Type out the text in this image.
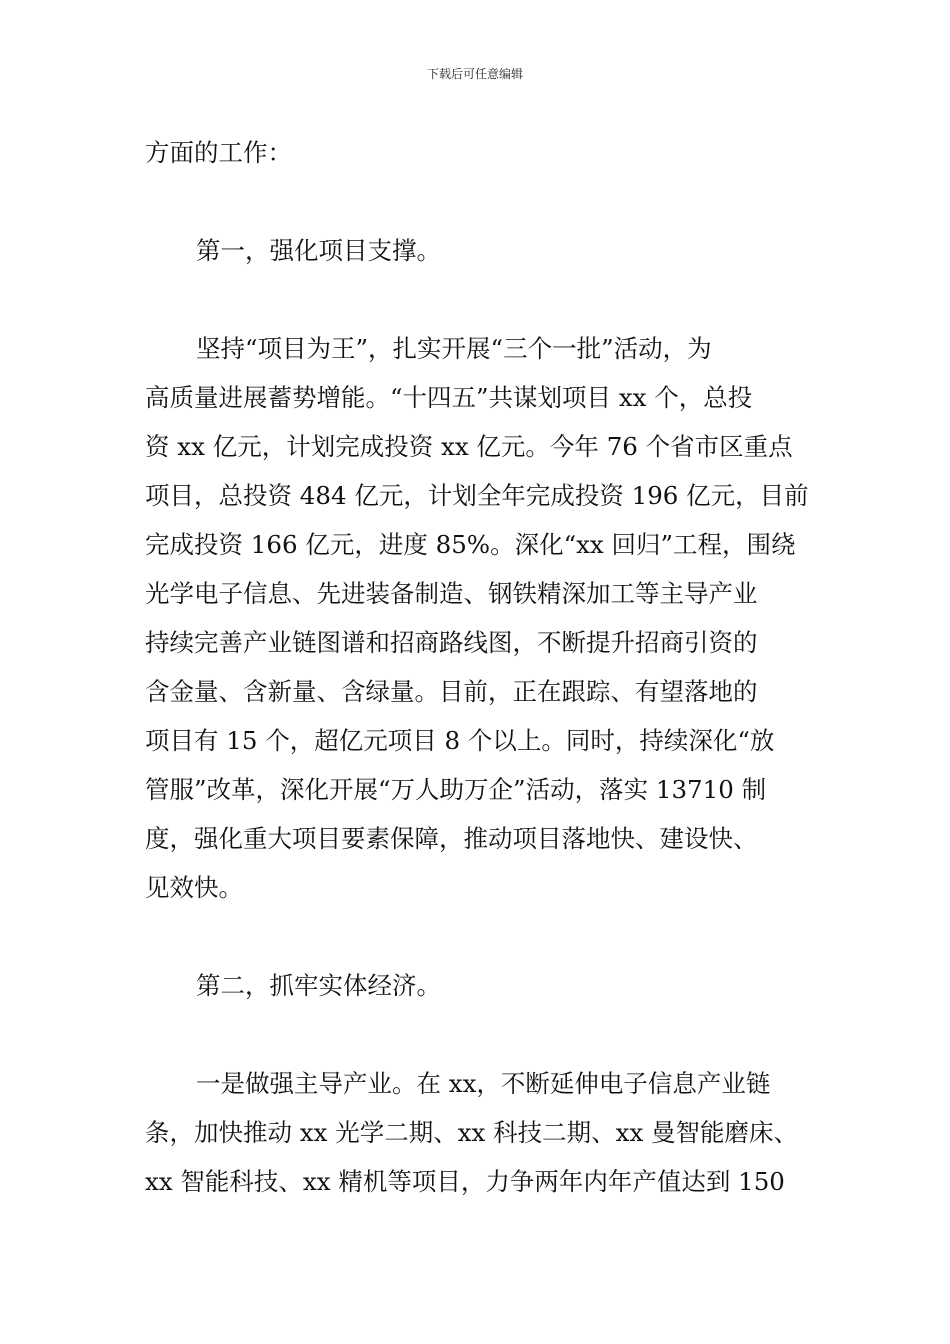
下载后可任意编辑

方面的工作：

第一，强化项目支撑。

坚持“项目为王”，扎实开展“三个一批”活动，为
高质量进展蓄势增能。“十四五”共谋划项目 xx 个，总投
资 xx 亿元，计划完成投资 xx 亿元。今年 76 个省市区重点
项目，总投资 484 亿元，计划全年完成投资 196 亿元，目前
完成投资 166 亿元，进度 85%。深化“xx 回归”工程，围绕
光学电子信息、先进装备制造、钢铁精深加工等主导产业
持续完善产业链图谱和招商路线图，不断提升招商引资的
含金量、含新量、含绿量。目前，正在跟踪、有望落地的
项目有 15 个，超亿元项目 8 个以上。同时，持续深化“放
管服”改革，深化开展“万人助万企”活动，落实 13710 制
度，强化重大项目要素保障，推动项目落地快、建设快、
见效快。

第二，抓牢实体经济。

一是做强主导产业。在 xx，不断延伸电子信息产业链
条，加快推动 xx 光学二期、xx 科技二期、xx 曼智能磨床、
xx 智能科技、xx 精机等项目，力争两年内年产值达到 150
